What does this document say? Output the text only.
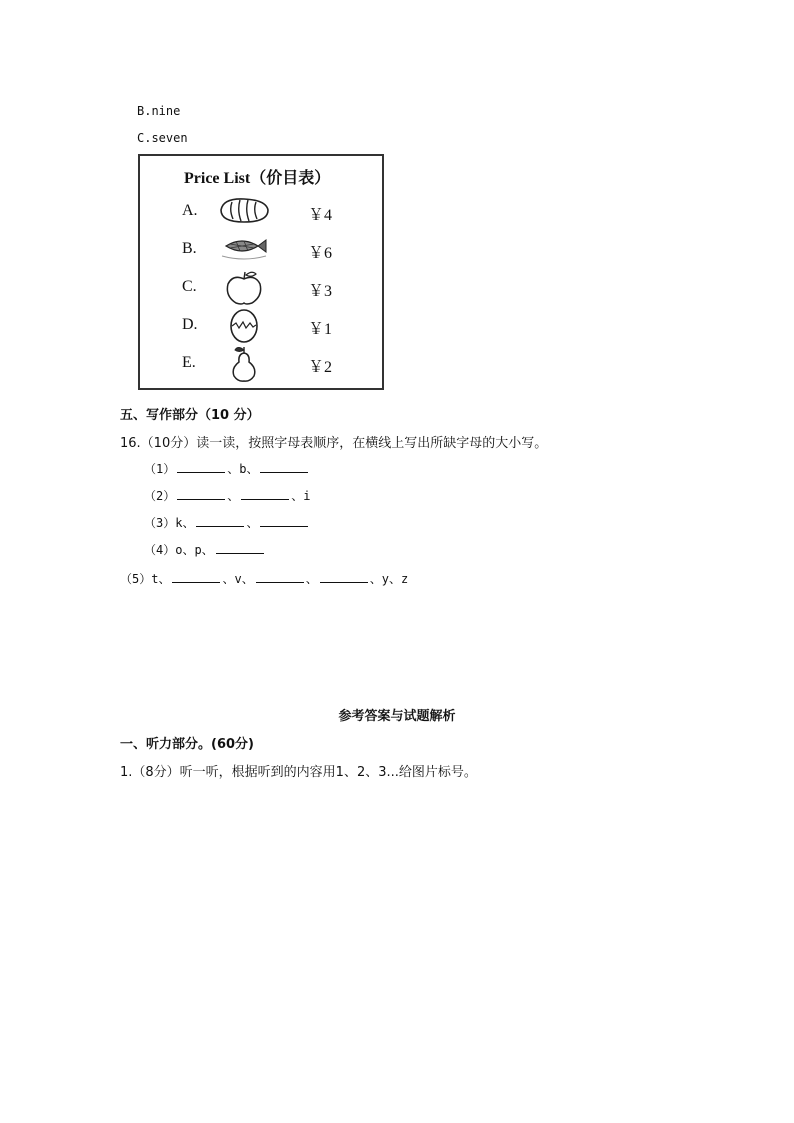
B.nine
C.seven
Price List（价目表）
A.	￥4
B.	￥6
C.	￥3
D.	￥1
E.	￥2
五、写作部分（10 分）
16.（10分）读一读，按照字母表顺序，在横线上写出所缺字母的大小写。
（1）	、b、
（2）	、	、i
（3）k、	、
（4）o、p、
（5）t、	、v、	、	、y、z
参考答案与试题解析
一、听力部分。(60分)
1.（8分）听一听，根据听到的内容用1、2、3...给图片标号。
